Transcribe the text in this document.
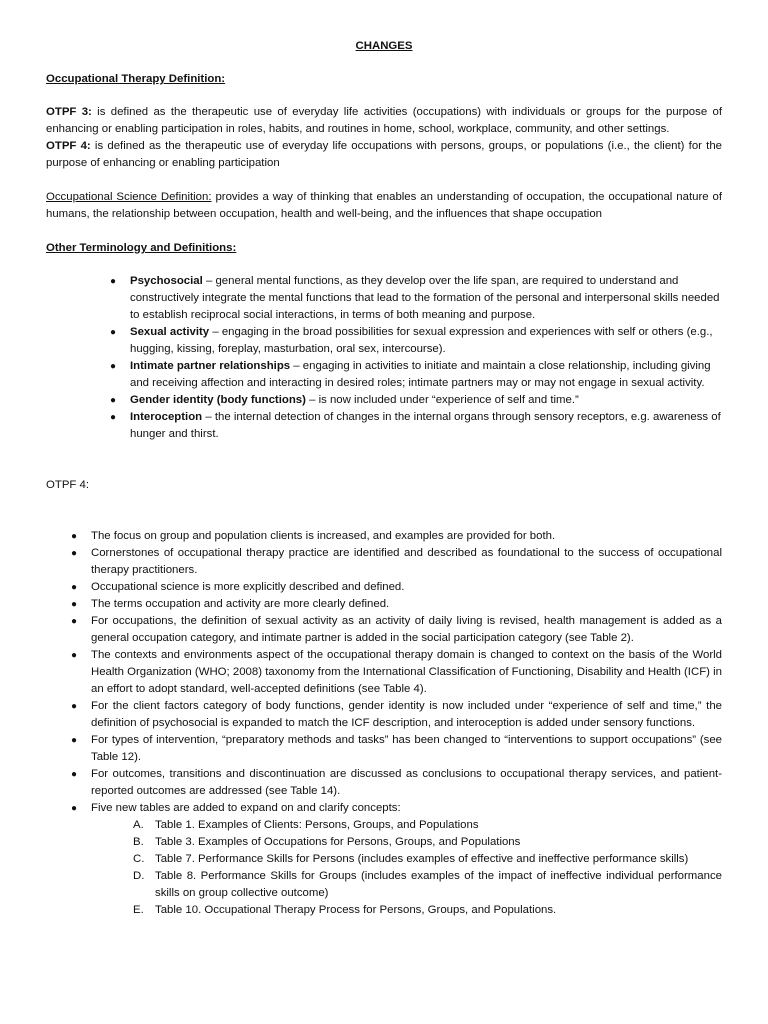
CHANGES
Occupational Therapy Definition:

OTPF 3: is defined as the therapeutic use of everyday life activities (occupations) with individuals or groups for the purpose of enhancing or enabling participation in roles, habits, and routines in home, school, workplace, community, and other settings.

OTPF 4: is defined as the therapeutic use of everyday life occupations with persons, groups, or populations (i.e., the client) for the purpose of enhancing or enabling participation

Occupational Science Definition: provides a way of thinking that enables an understanding of occupation, the occupational nature of humans, the relationship between occupation, health and well-being, and the influences that shape occupation

Other Terminology and Definitions:
● Psychosocial – general mental functions, as they develop over the life span, are required to understand and constructively integrate the mental functions that lead to the formation of the personal and interpersonal skills needed to establish reciprocal social interactions, in terms of both meaning and purpose.
● Sexual activity – engaging in the broad possibilities for sexual expression and experiences with self or others (e.g., hugging, kissing, foreplay, masturbation, oral sex, intercourse).
● Intimate partner relationships – engaging in activities to initiate and maintain a close relationship, including giving and receiving affection and interacting in desired roles; intimate partners may or may not engage in sexual activity.
● Gender identity (body functions) – is now included under “experience of self and time.”
● Interoception – the internal detection of changes in the internal organs through sensory receptors, e.g. awareness of hunger and thirst.
OTPF 4:
● The focus on group and population clients is increased, and examples are provided for both.
● Cornerstones of occupational therapy practice are identified and described as foundational to the success of occupational therapy practitioners.
● Occupational science is more explicitly described and defined.
● The terms occupation and activity are more clearly defined.
● For occupations, the definition of sexual activity as an activity of daily living is revised, health management is added as a general occupation category, and intimate partner is added in the social participation category (see Table 2).
● The contexts and environments aspect of the occupational therapy domain is changed to context on the basis of the World Health Organization (WHO; 2008) taxonomy from the International Classification of Functioning, Disability and Health (ICF) in an effort to adopt standard, well-accepted definitions (see Table 4).
● For the client factors category of body functions, gender identity is now included under “experience of self and time,” the definition of psychosocial is expanded to match the ICF description, and interoception is added under sensory functions.
● For types of intervention, “preparatory methods and tasks” has been changed to “interventions to support occupations” (see Table 12).
● For outcomes, transitions and discontinuation are discussed as conclusions to occupational therapy services, and patient-reported outcomes are addressed (see Table 14).
● Five new tables are added to expand on and clarify concepts:
A. Table 1. Examples of Clients: Persons, Groups, and Populations
B. Table 3. Examples of Occupations for Persons, Groups, and Populations
C. Table 7. Performance Skills for Persons (includes examples of effective and ineffective performance skills)
D. Table 8. Performance Skills for Groups (includes examples of the impact of ineffective individual performance skills on group collective outcome)
E. Table 10. Occupational Therapy Process for Persons, Groups, and Populations.
